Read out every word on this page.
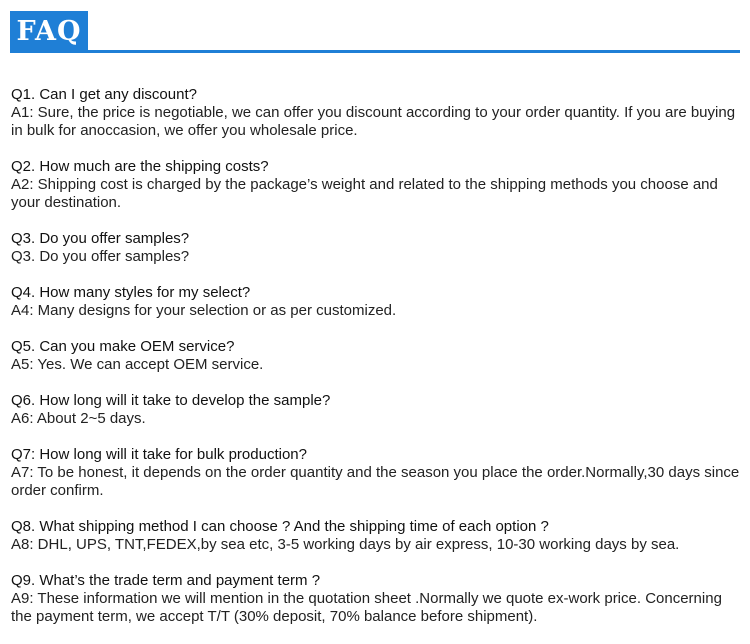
FAQ
Q1. Can I get any discount?
A1: Sure, the price is negotiable, we can offer you discount according to your order quantity. If you are buying in bulk for anoccasion, we offer you wholesale price.
Q2. How much are the shipping costs?
A2: Shipping cost is charged by the package’s weight and related to the shipping methods you choose and your destination.
Q3. Do you offer samples?
Q3. Do you offer samples?
Q4. How many styles for my select?
A4: Many designs for your selection or as per customized.
Q5. Can you make OEM service?
A5: Yes. We can accept OEM service.
Q6. How long will it take to develop the sample?
A6: About 2~5 days.
Q7: How long will it take for bulk production?
A7: To be honest, it depends on the order quantity and the season you place the order.Normally,30 days since order confirm.
Q8. What shipping method I can choose ? And the shipping time of each option ?
A8: DHL, UPS, TNT,FEDEX,by sea etc, 3-5 working days by air express, 10-30 working days by sea.
Q9. What’s the trade term and payment term ?
A9: These information we will mention in the quotation sheet .Normally we quote ex-work price. Concerning the payment term, we accept T/T (30% deposit, 70% balance before shipment).
